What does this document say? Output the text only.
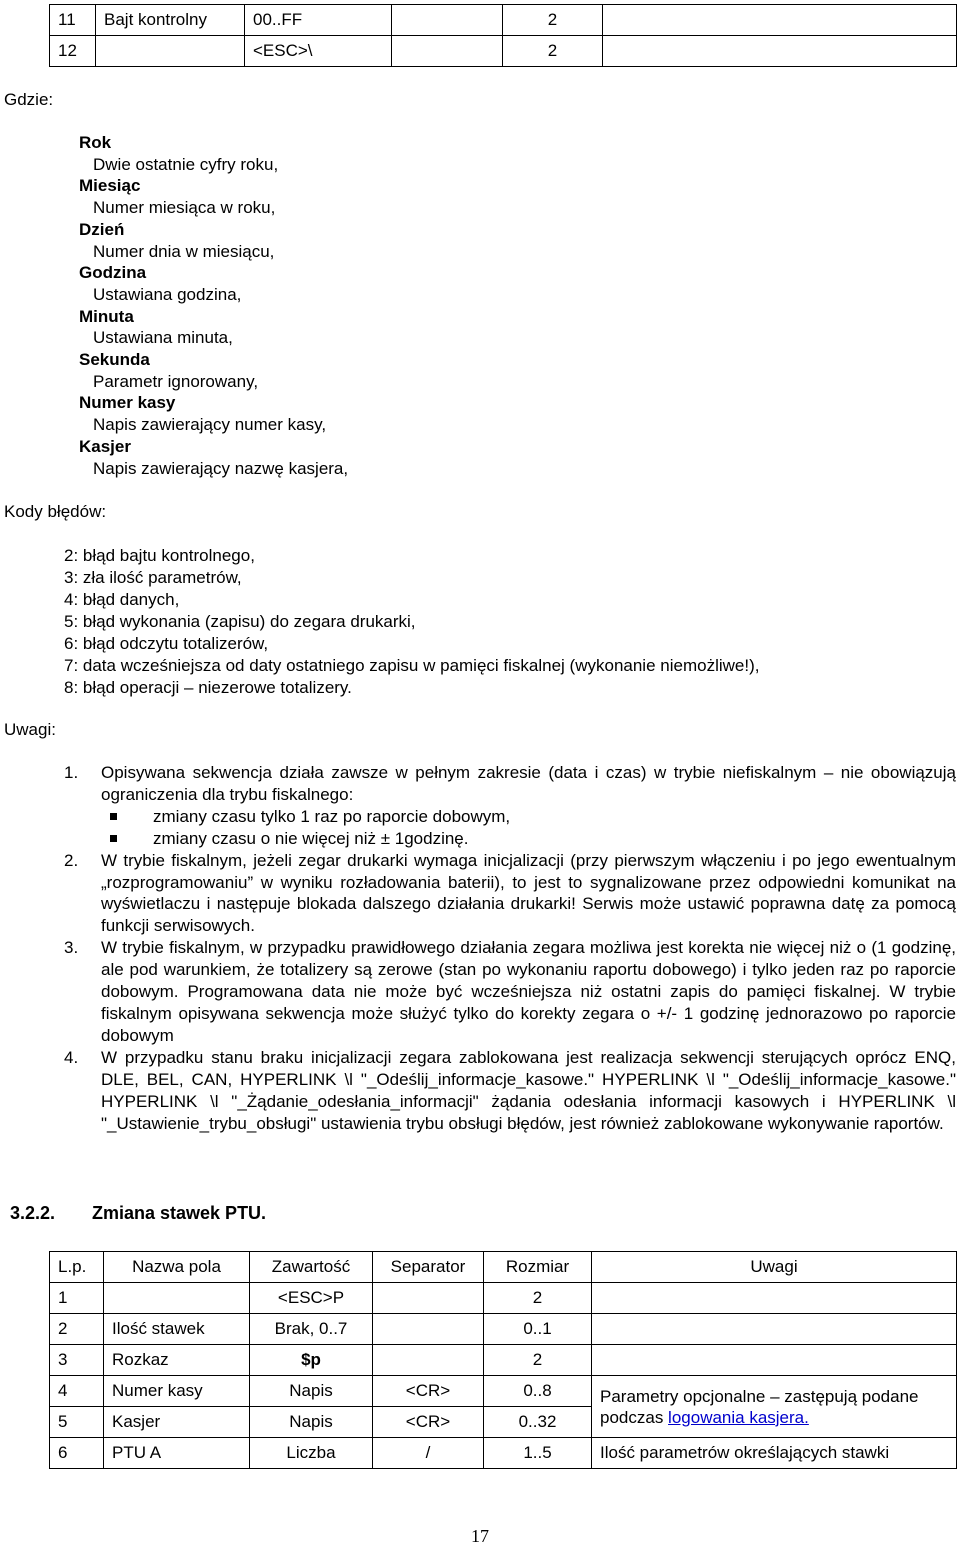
11	Bajt kontrolny	00..FF		2	
12		<ESC>\		2	
Gdzie:
Rok
Dwie ostatnie cyfry roku,
Miesiąc
Numer miesiąca w roku,
Dzień
Numer dnia w miesiącu,
Godzina
Ustawiana godzina,
Minuta
Ustawiana minuta,
Sekunda
Parametr ignorowany,
Numer kasy
Napis zawierający numer kasy,
Kasjer
Napis zawierający nazwę kasjera,
Kody błędów:
2: błąd bajtu kontrolnego,
3: zła ilość parametrów,
4: błąd danych,
5: błąd wykonania (zapisu) do zegara drukarki,
6: błąd odczytu totalizerów,
7: data wcześniejsza od daty ostatniego zapisu w pamięci fiskalnej (wykonanie niemożliwe!),
8: błąd operacji – niezerowe totalizery.
Uwagi:
1.	Opisywana sekwencja działa zawsze w pełnym zakresie (data i czas) w trybie niefiskalnym – nie obowiązują ograniczenia dla trybu fiskalnego:
zmiany czasu tylko 1 raz po raporcie dobowym,
zmiany czasu o nie więcej niż ± 1godzinę.
2.	W trybie fiskalnym, jeżeli zegar drukarki wymaga inicjalizacji (przy pierwszym włączeniu i po jego ewentualnym „rozprogramowaniu” w wyniku rozładowania baterii), to jest to sygnalizowane przez odpowiedni komunikat na wyświetlaczu i następuje blokada dalszego działania drukarki! Serwis może ustawić poprawna datę za pomocą funkcji serwisowych.
3.	W trybie fiskalnym, w przypadku prawidłowego działania zegara możliwa jest korekta nie więcej niż o (1 godzinę, ale pod warunkiem, że totalizery są zerowe (stan po wykonaniu raportu dobowego) i tylko jeden raz po raporcie dobowym. Programowana data nie może być wcześniejsza niż ostatni zapis do pamięci fiskalnej. W trybie fiskalnym opisywana sekwencja może służyć tylko do korekty zegara o +/- 1 godzinę jednorazowo po raporcie dobowym
4.	W przypadku stanu braku inicjalizacji zegara zablokowana jest realizacja sekwencji sterujących oprócz ENQ, DLE, BEL, CAN, HYPERLINK \l "_Odeślij_informacje_kasowe." HYPERLINK \l "_Odeślij_informacje_kasowe." HYPERLINK \l "_Żądanie_odesłania_informacji" żądania odesłania informacji kasowych i HYPERLINK \l "_Ustawienie_trybu_obsługi" ustawienia trybu obsługi błędów, jest również zablokowane wykonywanie raportów.
3.2.2. Zmiana stawek PTU.
L.p.	Nazwa pola	Zawartość	Separator	Rozmiar	Uwagi
1		<ESC>P		2	
2	Ilość stawek	Brak, 0..7		0..1	
3	Rozkaz	$p		2	
4	Numer kasy	Napis	<CR>	0..8	Parametry opcjonalne – zastępują podane podczas logowania kasjera.
5	Kasjer	Napis	<CR>	0..32	
6	PTU A	Liczba	/	1..5	Ilość parametrów określających stawki
17
